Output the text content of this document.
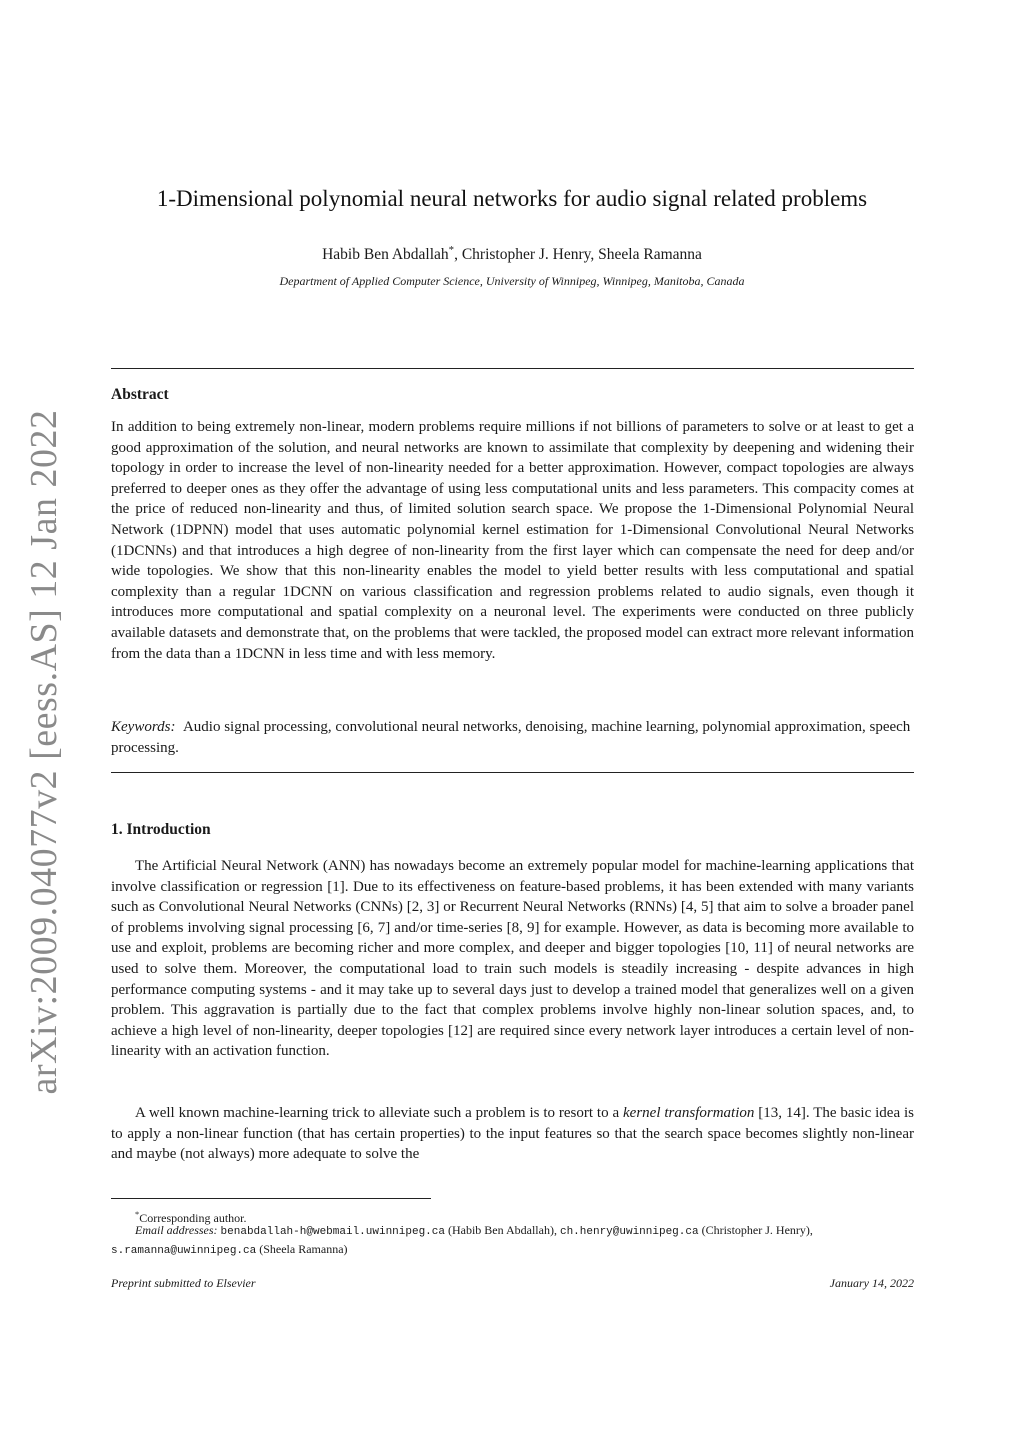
arXiv:2009.04077v2 [eess.AS] 12 Jan 2022
1-Dimensional polynomial neural networks for audio signal related problems
Habib Ben Abdallah*, Christopher J. Henry, Sheela Ramanna
Department of Applied Computer Science, University of Winnipeg, Winnipeg, Manitoba, Canada
Abstract
In addition to being extremely non-linear, modern problems require millions if not billions of parameters to solve or at least to get a good approximation of the solution, and neural networks are known to assimilate that complexity by deepening and widening their topology in order to increase the level of non-linearity needed for a better approximation. However, compact topologies are always preferred to deeper ones as they offer the advantage of using less computational units and less parameters. This compacity comes at the price of reduced non-linearity and thus, of limited solution search space. We propose the 1-Dimensional Polynomial Neural Network (1DPNN) model that uses automatic polynomial kernel estimation for 1-Dimensional Convolutional Neural Networks (1DCNNs) and that introduces a high degree of non-linearity from the first layer which can compensate the need for deep and/or wide topologies. We show that this non-linearity enables the model to yield better results with less computational and spatial complexity than a regular 1DCNN on various classification and regression problems related to audio signals, even though it introduces more computational and spatial complexity on a neuronal level. The experiments were conducted on three publicly available datasets and demonstrate that, on the problems that were tackled, the proposed model can extract more relevant information from the data than a 1DCNN in less time and with less memory.
Keywords: Audio signal processing, convolutional neural networks, denoising, machine learning, polynomial approximation, speech processing.
1. Introduction
The Artificial Neural Network (ANN) has nowadays become an extremely popular model for machine-learning applications that involve classification or regression [1]. Due to its effectiveness on feature-based problems, it has been extended with many variants such as Convolutional Neural Networks (CNNs) [2, 3] or Recurrent Neural Networks (RNNs) [4, 5] that aim to solve a broader panel of problems involving signal processing [6, 7] and/or time-series [8, 9] for example. However, as data is becoming more available to use and exploit, problems are becoming richer and more complex, and deeper and bigger topologies [10, 11] of neural networks are used to solve them. Moreover, the computational load to train such models is steadily increasing - despite advances in high performance computing systems - and it may take up to several days just to develop a trained model that generalizes well on a given problem. This aggravation is partially due to the fact that complex problems involve highly non-linear solution spaces, and, to achieve a high level of non-linearity, deeper topologies [12] are required since every network layer introduces a certain level of non-linearity with an activation function.
A well known machine-learning trick to alleviate such a problem is to resort to a kernel transformation [13, 14]. The basic idea is to apply a non-linear function (that has certain properties) to the input features so that the search space becomes slightly non-linear and maybe (not always) more adequate to solve the
*Corresponding author.
Email addresses: benabdallah-h@webmail.uwinnipeg.ca (Habib Ben Abdallah), ch.henry@uwinnipeg.ca (Christopher J. Henry), s.ramanna@uwinnipeg.ca (Sheela Ramanna)
Preprint submitted to Elsevier	January 14, 2022
